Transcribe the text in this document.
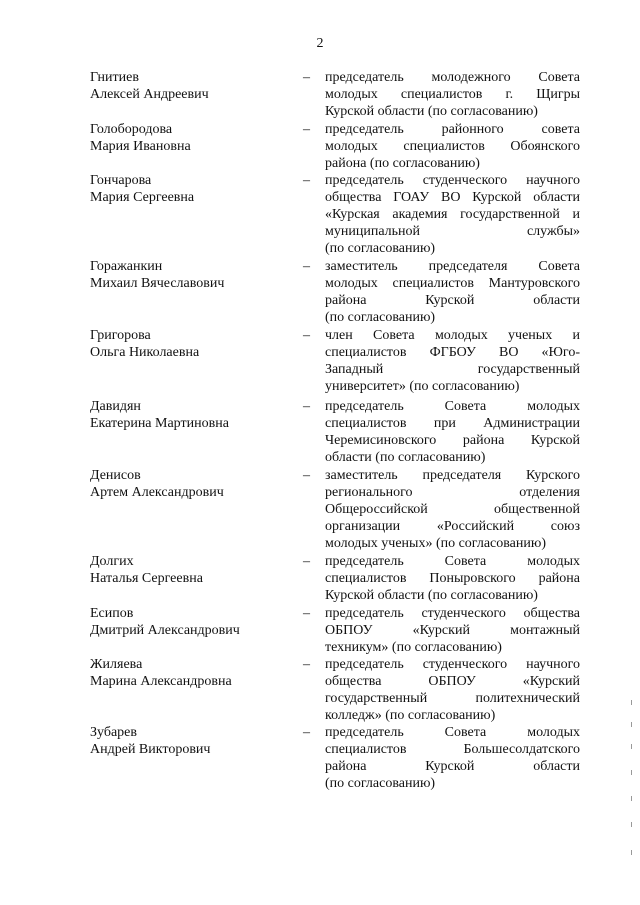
2
Гнитиев
Алексей Андреевич
– председатель молодежного Совета
молодых специалистов г. Щигры
Курской области (по согласованию)
Голобородова
Мария Ивановна
– председатель районного совета
молодых специалистов Обоянского
района (по согласованию)
Гончарова
Мария Сергеевна
– председатель студенческого научного
общества ГОАУ ВО Курской области
«Курская академия государственной и
муниципальной службы»
(по согласованию)
Горажанкин
Михаил Вячеславович
– заместитель председателя Совета
молодых специалистов Мантуровского
района Курской области
(по согласованию)
Григорова
Ольга Николаевна
– член Совета молодых ученых и
специалистов ФГБОУ ВО «Юго-
Западный государственный
университет» (по согласованию)
Давидян
Екатерина Мартиновна
– председатель Совета молодых
специалистов при Администрации
Черемисиновского района Курской
области (по согласованию)
Денисов
Артем Александрович
– заместитель председателя Курского
регионального отделения
Общероссийской общественной
организации «Российский союз
молодых ученых» (по согласованию)
Долгих
Наталья Сергеевна
– председатель Совета молодых
специалистов Поныровского района
Курской области (по согласованию)
Есипов
Дмитрий Александрович
– председатель студенческого общества
ОБПОУ «Курский монтажный
техникум» (по согласованию)
Жиляева
Марина Александровна
– председатель студенческого научного
общества ОБПОУ «Курский
государственный политехнический
колледж» (по согласованию)
Зубарев
Андрей Викторович
– председатель Совета молодых
специалистов Большесолдатского
района Курской области
(по согласованию)
